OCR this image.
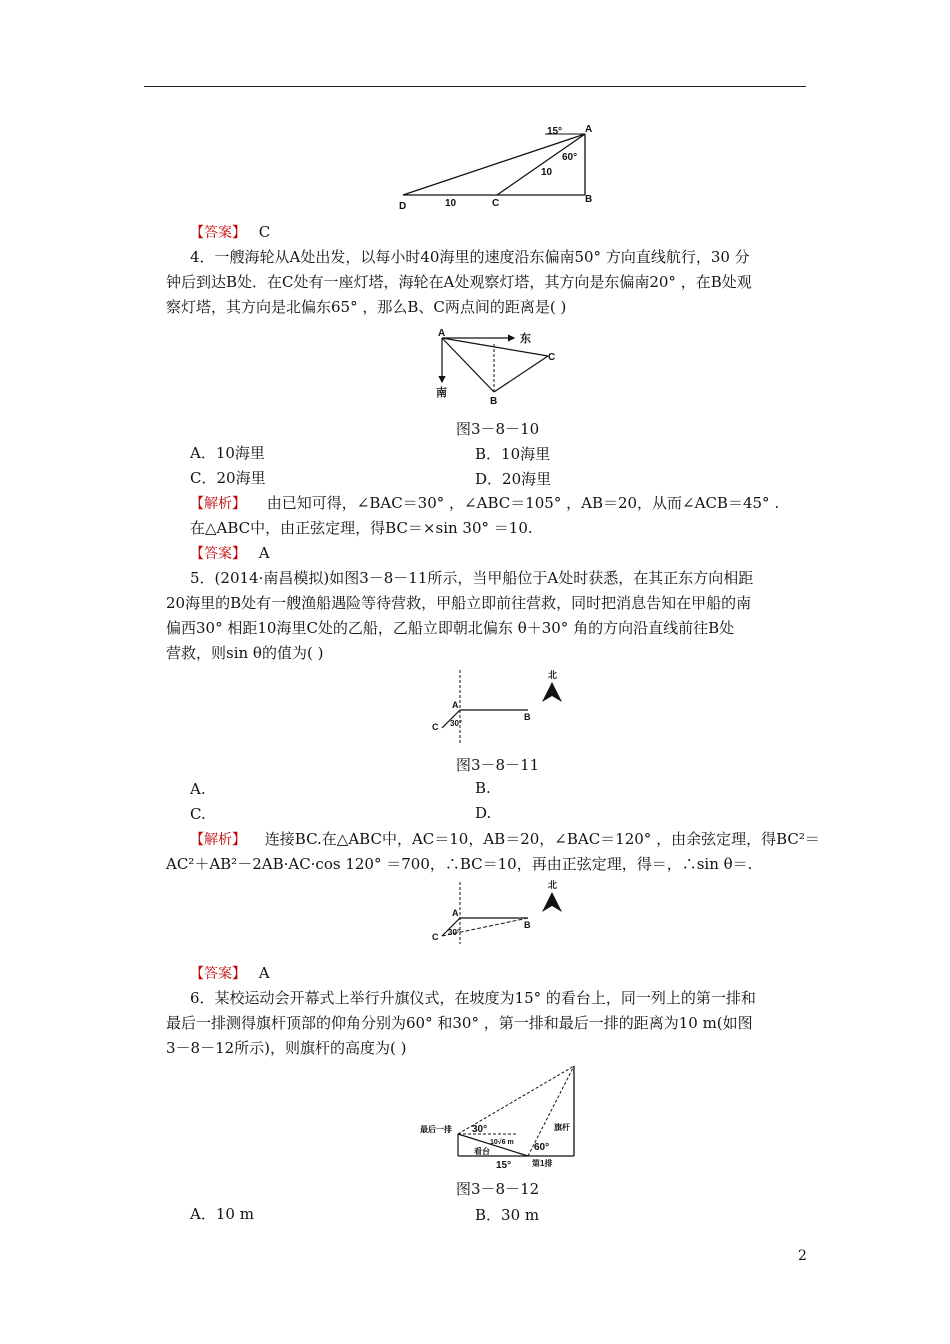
15° A
60°
10
D	10	C	B
【答案】 C
4．一艘海轮从A处出发，以每小时40海里的速度沿东偏南50° 方向直线航行，30 分
钟后到达B处．在C处有一座灯塔，海轮在A处观察灯塔，其方向是东偏南20° ，在B处观
察灯塔，其方向是北偏东65° ，那么B、C两点间的距离是( )
A	东
C
南
B
图3－8－10
A．10海里	B．10海里
C．20海里	D．20海里
【解析】 由已知可得，∠BAC＝30° ，∠ABC＝105° ，AB＝20，从而∠ACB＝45° .
在△ABC中，由正弦定理，得BC＝×sin 30° ＝10.
【答案】 A
5．(2014·南昌模拟)如图3－8－11所示，当甲船位于A处时获悉，在其正东方向相距
20海里的B处有一艘渔船遇险等待营救，甲船立即前往营救，同时把消息告知在甲船的南
偏西30° 相距10海里C处的乙船，乙船立即朝北偏东 θ＋30° 角的方向沿直线前往B处
营救，则sin θ的值为( )
北
A
B
C 30°
图3－8－11
A.	B.
C.	D.
【解析】 连接BC.在△ABC中，AC＝10，AB＝20，∠BAC＝120° ，由余弦定理，得BC²＝
AC²＋AB²－2AB·AC·cos 120° ＝700，∴BC＝10，再由正弦定理，得＝，∴sin θ＝.
北
A
B
C 30°
【答案】 A
6．某校运动会开幕式上举行升旗仪式，在坡度为15° 的看台上，同一列上的第一排和
最后一排测得旗杆顶部的仰角分别为60° 和30° ，第一排和最后一排的距离为10 m(如图
3－8－12所示)，则旗杆的高度为( )
最后一排 30°
10√6 m 60°
旗杆
看台
15°	第1排
图3－8－12
A．10 m	B．30 m
2
